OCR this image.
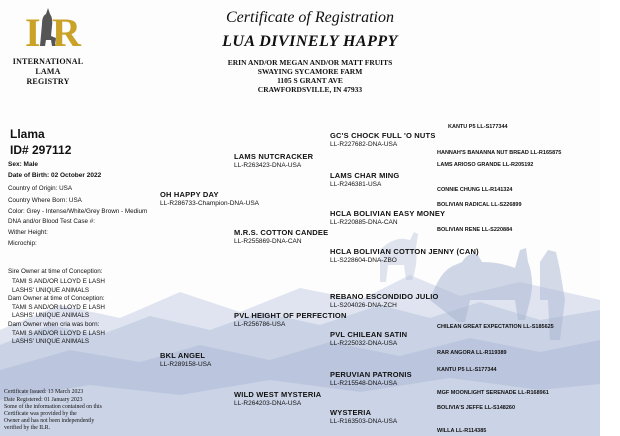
I R
INTERNATIONAL
LAMA
REGISTRY
Certificate of Registration
LUA DIVINELY HAPPY
ERIN AND/OR MEGAN AND/OR MATT FRUITS
SWAYING SYCAMORE FARM
1105 S GRANT AVE
CRAWFORDSVILLE, IN 47933
Llama
ID# 297112
Sex: Male
Date of Birth: 02 October 2022
Country of Origin: USA
Country Where Born: USA
Color: Grey - Intense/White/Grey Brown - Medium
DNA and/or Blood Test Case #:
Wither Height:
Microchip:
Sire Owner at time of Conception:
TAMI S AND/OR LLOYD E LASH
LASHS' UNIQUE ANIMALS
Dam Owner at time of Conception:
TAMI S AND/OR LLOYD E LASH
LASHS' UNIQUE ANIMALS
Dam Owner when cria was born:
TAMI S AND/OR LLOYD E LASH
LASHS' UNIQUE ANIMALS
Certificate Issued: 13 March 2023
Date Registered: 01 January 2023
Some of the information contained on this
Certificate was provided by the
Owner and has not been independently
verified by the ILR.
OH HAPPY DAY
LL-R286733-Champion-DNA-USA
BKL ANGEL
LL-R289158-USA
LAMS NUTCRACKER
LL-R263423-DNA-USA
M.R.S. COTTON CANDEE
LL-R255869-DNA-CAN
PVL HEIGHT OF PERFECTION
LL-R256786-USA
WILD WEST MYSTERIA
LL-R264203-DNA-USA
GC'S CHOCK FULL 'O NUTS
LL-R227682-DNA-USA
LAMS CHAR MING
LL-R246381-USA
HCLA BOLIVIAN EASY MONEY
LL-R220885-DNA-CAN
HCLA BOLIVIAN COTTON JENNY (CAN)
LL-S228604-DNA-ZBO
REBANO ESCONDIDO JULIO
LL-S204026-DNA-ZCH
PVL CHILEAN SATIN
LL-R225032-DNA-USA
PERUVIAN PATRONIS
LL-R215548-DNA-USA
WYSTERIA
LL-R163503-DNA-USA
KANTU P5 LL-S177344
HANNAH'S BANANNA NUT BREAD LL-R165875
LAMS ARIOSO GRANDE LL-R205192
CONNIE CHUNG LL-R141324
BOLIVIAN RADICAL LL-S226899
BOLIVIAN RENE LL-S220884
CHILEAN GREAT EXPECTATION LL-S185625
RAR ANGORA LL-R119389
KANTU P5 LL-S177344
MGF MOONLIGHT SERENADE LL-R168961
BOLIVIA'S JEFFE LL-S148260
WILLA LL-R114385
